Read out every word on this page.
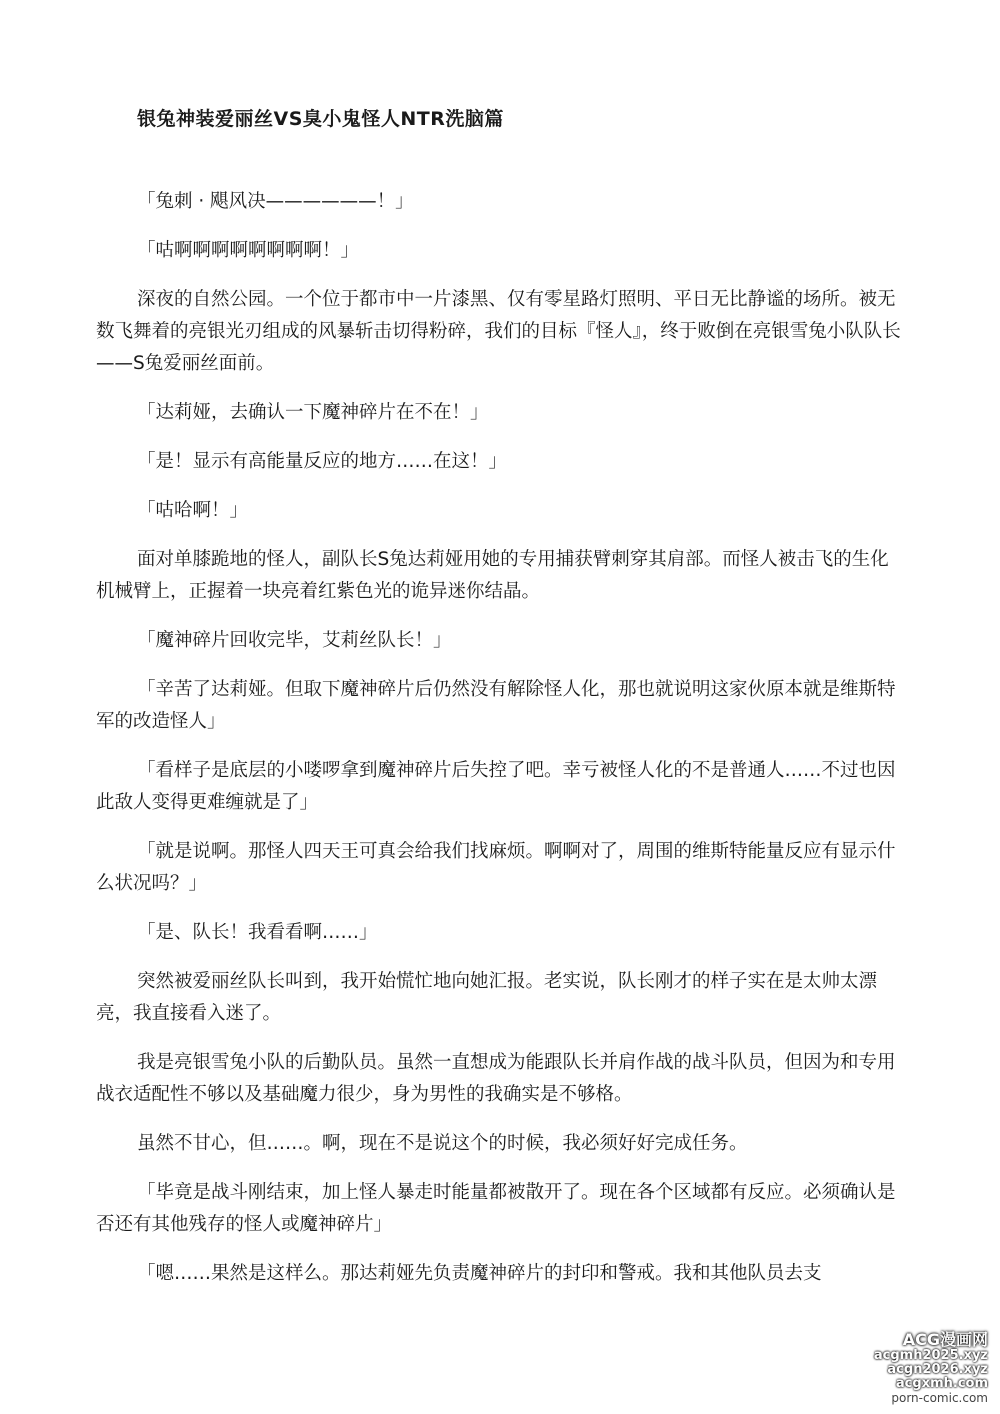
银兔神装爱丽丝VS臭小鬼怪人NTR洗脑篇

「兔刺 · 飓风决——————！」

「咕啊啊啊啊啊啊啊啊！」

深夜的自然公园。一个位于都市中一片漆黑、仅有零星路灯照明、平日无比静谧的场所。被无数飞舞着的亮银光刃组成的风暴斩击切得粉碎，我们的目标『怪人』，终于败倒在亮银雪兔小队队长——S兔爱丽丝面前。

「达莉娅，去确认一下魔神碎片在不在！」

「是！显示有高能量反应的地方……在这！」

「咕哈啊！」

面对单膝跪地的怪人，副队长S兔达莉娅用她的专用捕获臂刺穿其肩部。而怪人被击飞的生化机械臂上，正握着一块亮着红紫色光的诡异迷你结晶。

「魔神碎片回收完毕，艾莉丝队长！」

「辛苦了达莉娅。但取下魔神碎片后仍然没有解除怪人化，那也就说明这家伙原本就是维斯特军的改造怪人」

「看样子是底层的小喽啰拿到魔神碎片后失控了吧。幸亏被怪人化的不是普通人……不过也因此敌人变得更难缠就是了」

「就是说啊。那怪人四天王可真会给我们找麻烦。啊啊对了，周围的维斯特能量反应有显示什么状况吗？」

「是、队长！我看看啊……」

突然被爱丽丝队长叫到，我开始慌忙地向她汇报。老实说，队长刚才的样子实在是太帅太漂亮，我直接看入迷了。

我是亮银雪兔小队的后勤队员。虽然一直想成为能跟队长并肩作战的战斗队员，但因为和专用战衣适配性不够以及基础魔力很少，身为男性的我确实是不够格。

虽然不甘心，但……。啊，现在不是说这个的时候，我必须好好完成任务。

「毕竟是战斗刚结束，加上怪人暴走时能量都被散开了。现在各个区域都有反应。必须确认是否还有其他残存的怪人或魔神碎片」

「嗯……果然是这样么。那达莉娅先负责魔神碎片的封印和警戒。我和其他队员去支

ACG漫画网
acgmh2025.xyz
acgn2026.xyz
acgxmh.com
porn-comic.com
